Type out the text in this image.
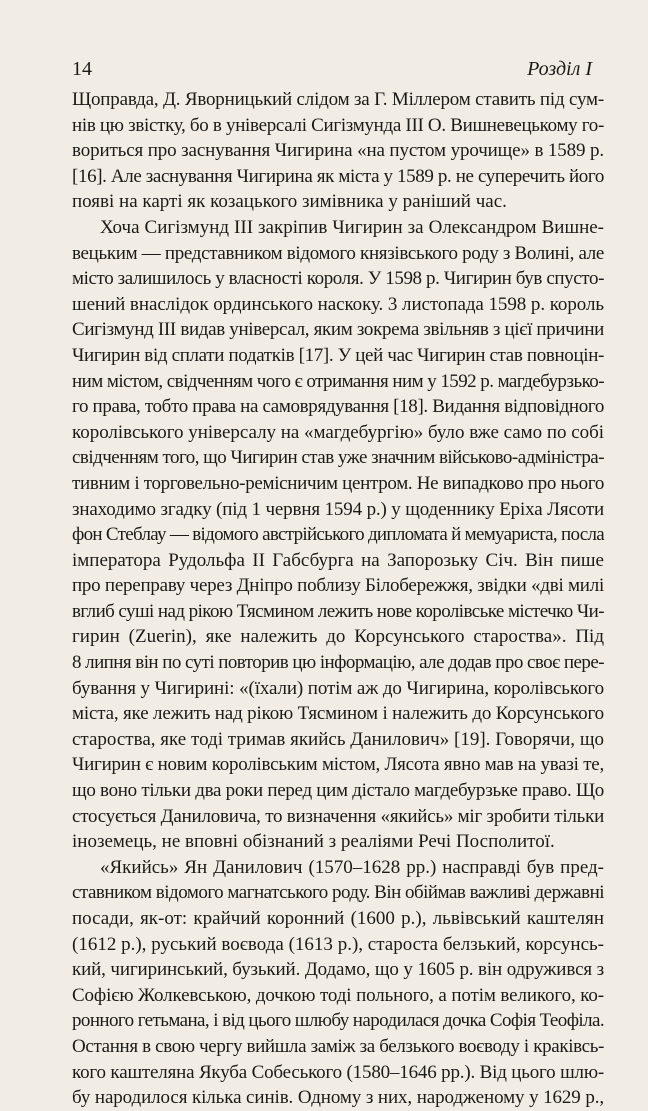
14	Розділ І
Щоправда, Д. Яворницький слідом за Г. Міллером ставить під сум-
нів цю звістку, бо в універсалі Сигізмунда III О. Вишневецькому го-
вориться про заснування Чигирина «на пустом урочище» в 1589 р.
[16]. Але заснування Чигирина як міста у 1589 р. не суперечить його
появі на карті як козацького зимівника у раніший час.
Хоча Сигізмунд III закріпив Чигирин за Олександром Вишне-
вецьким — представником відомого князівського роду з Волині, але
місто залишилось у власності короля. У 1598 р. Чигирин був спусто-
шений внаслідок ординського наскоку. 3 листопада 1598 р. король
Сигізмунд III видав універсал, яким зокрема звільняв з цієї причини
Чигирин від сплати податків [17]. У цей час Чигирин став повноцін-
ним містом, свідченням чого є отримання ним у 1592 р. магдебурзько-
го права, тобто права на самоврядування [18]. Видання відповідного
королівського універсалу на «магдебургію» було вже само по собі
свідченням того, що Чигирин став уже значним військово-адміністра-
тивним і торговельно-ремісничим центром. Не випадково про нього
знаходимо згадку (під 1 червня 1594 р.) у щоденнику Еріха Лясоти
фон Стеблау — відомого австрійського дипломата й мемуариста, посла
імператора Рудольфа II Габсбурга на Запорозьку Січ. Він пише
про переправу через Дніпро поблизу Білобережжя, звідки «дві милі
вглиб суші над рікою Тясмином лежить нове королівське містечко Чи-
гирин (Zuerin), яке належить до Корсунського староства». Під
8 липня він по суті повторив цю інформацію, але додав про своє пере-
бування у Чигирині: «(їхали) потім аж до Чигирина, королівського
міста, яке лежить над рікою Тясмином і належить до Корсунського
староства, яке тоді тримав якийсь Данилович» [19]. Говорячи, що
Чигирин є новим королівським містом, Лясота явно мав на увазі те,
що воно тільки два роки перед цим дістало магдебурзьке право. Що
стосується Даниловича, то визначення «якийсь» міг зробити тільки
іноземець, не вповні обізнаний з реаліями Речі Посполитої.
«Якийсь» Ян Данилович (1570–1628 рр.) насправді був пред-
ставником відомого магнатського роду. Він обіймав важливі державні
посади, як-от: крайчий коронний (1600 р.), львівський каштелян
(1612 р.), руський воєвода (1613 р.), староста белзький, корсунсь-
кий, чигиринський, бузький. Додамо, що у 1605 р. він одружився з
Софією Жолкевською, дочкою тоді польного, а потім великого, ко-
ронного гетьмана, і від цього шлюбу народилася дочка Софія Теофіла.
Остання в свою чергу вийшла заміж за белзького воєводу і краківсь-
кого каштеляна Якуба Собеського (1580–1646 рр.). Від цього шлю-
бу народилося кілька синів. Одному з них, народженому у 1629 р.,
